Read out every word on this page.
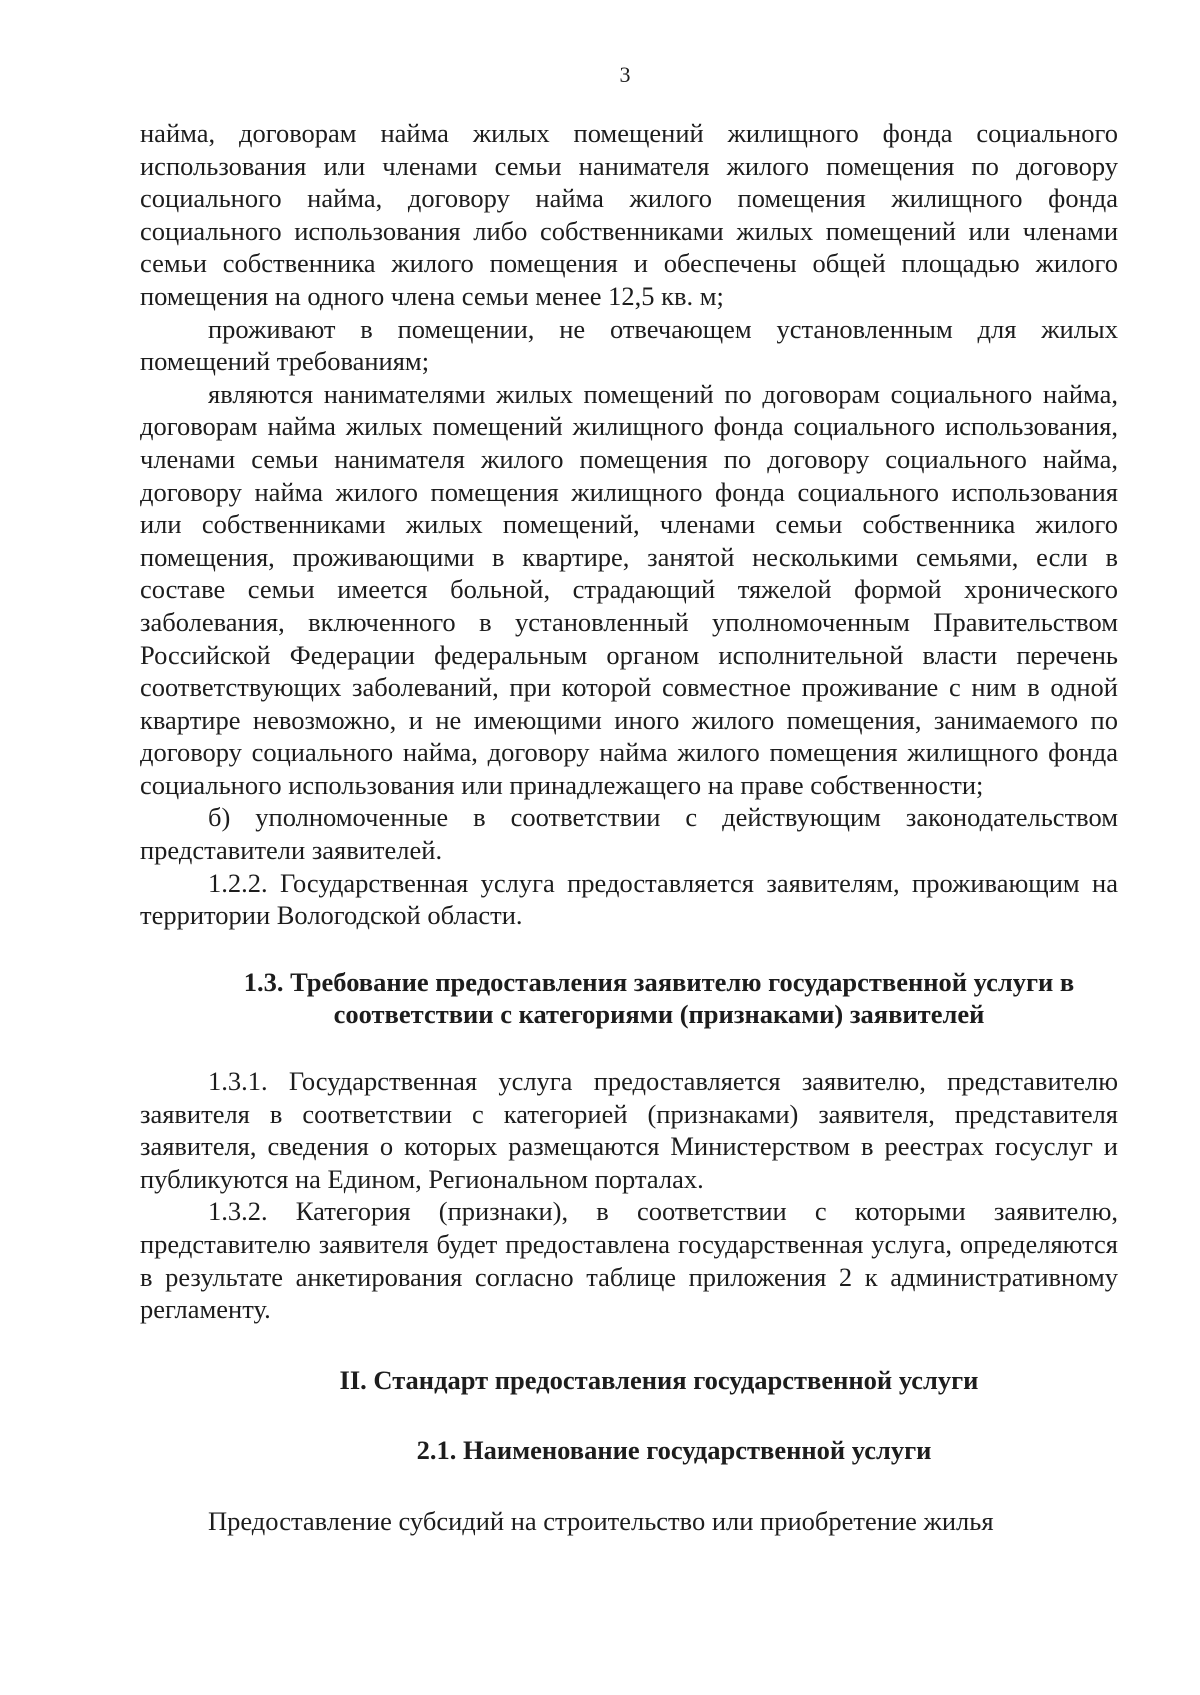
3

найма, договорам найма жилых помещений жилищного фонда социального использования или членами семьи нанимателя жилого помещения по договору социального найма, договору найма жилого помещения жилищного фонда социального использования либо собственниками жилых помещений или членами семьи собственника жилого помещения и обеспечены общей площадью жилого помещения на одного члена семьи менее 12,5 кв. м;

проживают в помещении, не отвечающем установленным для жилых помещений требованиям;

являются нанимателями жилых помещений по договорам социального найма, договорам найма жилых помещений жилищного фонда социального использования, членами семьи нанимателя жилого помещения по договору социального найма, договору найма жилого помещения жилищного фонда социального использования или собственниками жилых помещений, членами семьи собственника жилого помещения, проживающими в квартире, занятой несколькими семьями, если в составе семьи имеется больной, страдающий тяжелой формой хронического заболевания, включенного в установленный уполномоченным Правительством Российской Федерации федеральным органом исполнительной власти перечень соответствующих заболеваний, при которой совместное проживание с ним в одной квартире невозможно, и не имеющими иного жилого помещения, занимаемого по договору социального найма, договору найма жилого помещения жилищного фонда социального использования или принадлежащего на праве собственности;

б) уполномоченные в соответствии с действующим законодательством представители заявителей.

1.2.2. Государственная услуга предоставляется заявителям, проживающим на территории Вологодской области.

1.3. Требование предоставления заявителю государственной услуги в соответствии с категориями (признаками) заявителей

1.3.1. Государственная услуга предоставляется заявителю, представителю заявителя в соответствии с категорией (признаками) заявителя, представителя заявителя, сведения о которых размещаются Министерством в реестрах госуслуг и публикуются на Едином, Региональном порталах.

1.3.2. Категория (признаки), в соответствии с которыми заявителю, представителю заявителя будет предоставлена государственная услуга, определяются в результате анкетирования согласно таблице приложения 2 к административному регламенту.

II. Стандарт предоставления государственной услуги

2.1. Наименование государственной услуги

Предоставление субсидий на строительство или приобретение жилья
